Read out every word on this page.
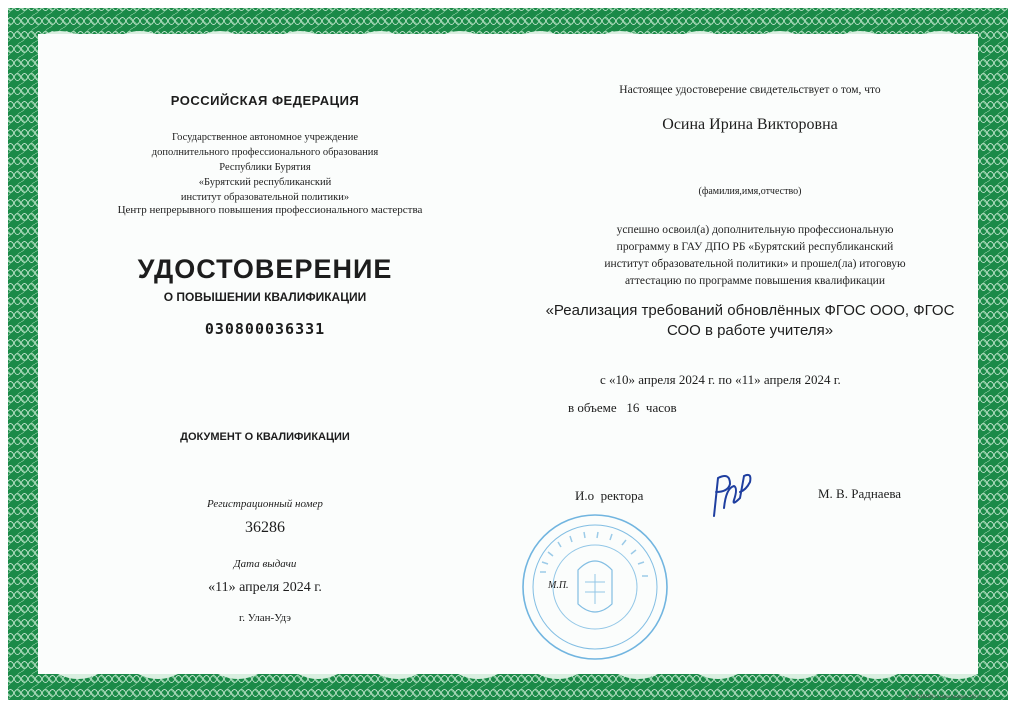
РОССИЙСКАЯ ФЕДЕРАЦИЯ
Государственное автономное учреждение
дополнительного профессионального образования
Республики Бурятия
«Бурятский республиканский
институт образовательной политики»
Центр непрерывного повышения профессионального мастерства
УДОСТОВЕРЕНИЕ
О ПОВЫШЕНИИ КВАЛИФИКАЦИИ
030800036331
ДОКУМЕНТ О КВАЛИФИКАЦИИ
Регистрационный номер
36286
Дата выдачи
«11» апреля 2024 г.
г. Улан-Удэ
Настоящее удостоверение свидетельствует о том, что
Осина Ирина Викторовна
(фамилия,имя,отчество)
успешно освоил(а) дополнительную профессиональную
программу в ГАУ ДПО РБ «Бурятский республиканский
институт образовательной политики» и прошел(ла) итоговую
аттестацию по программе повышения квалификации
«Реализация требований обновлённых ФГОС ООО, ФГОС
СОО в работе учителя»
с «10» апреля 2024 г. по «11» апреля 2024 г.
в объеме   16  часов
И.о  ректора	М. В. Раднаева
М.П.
АО «СИБПРО» Новосибирск 2023 г. А
